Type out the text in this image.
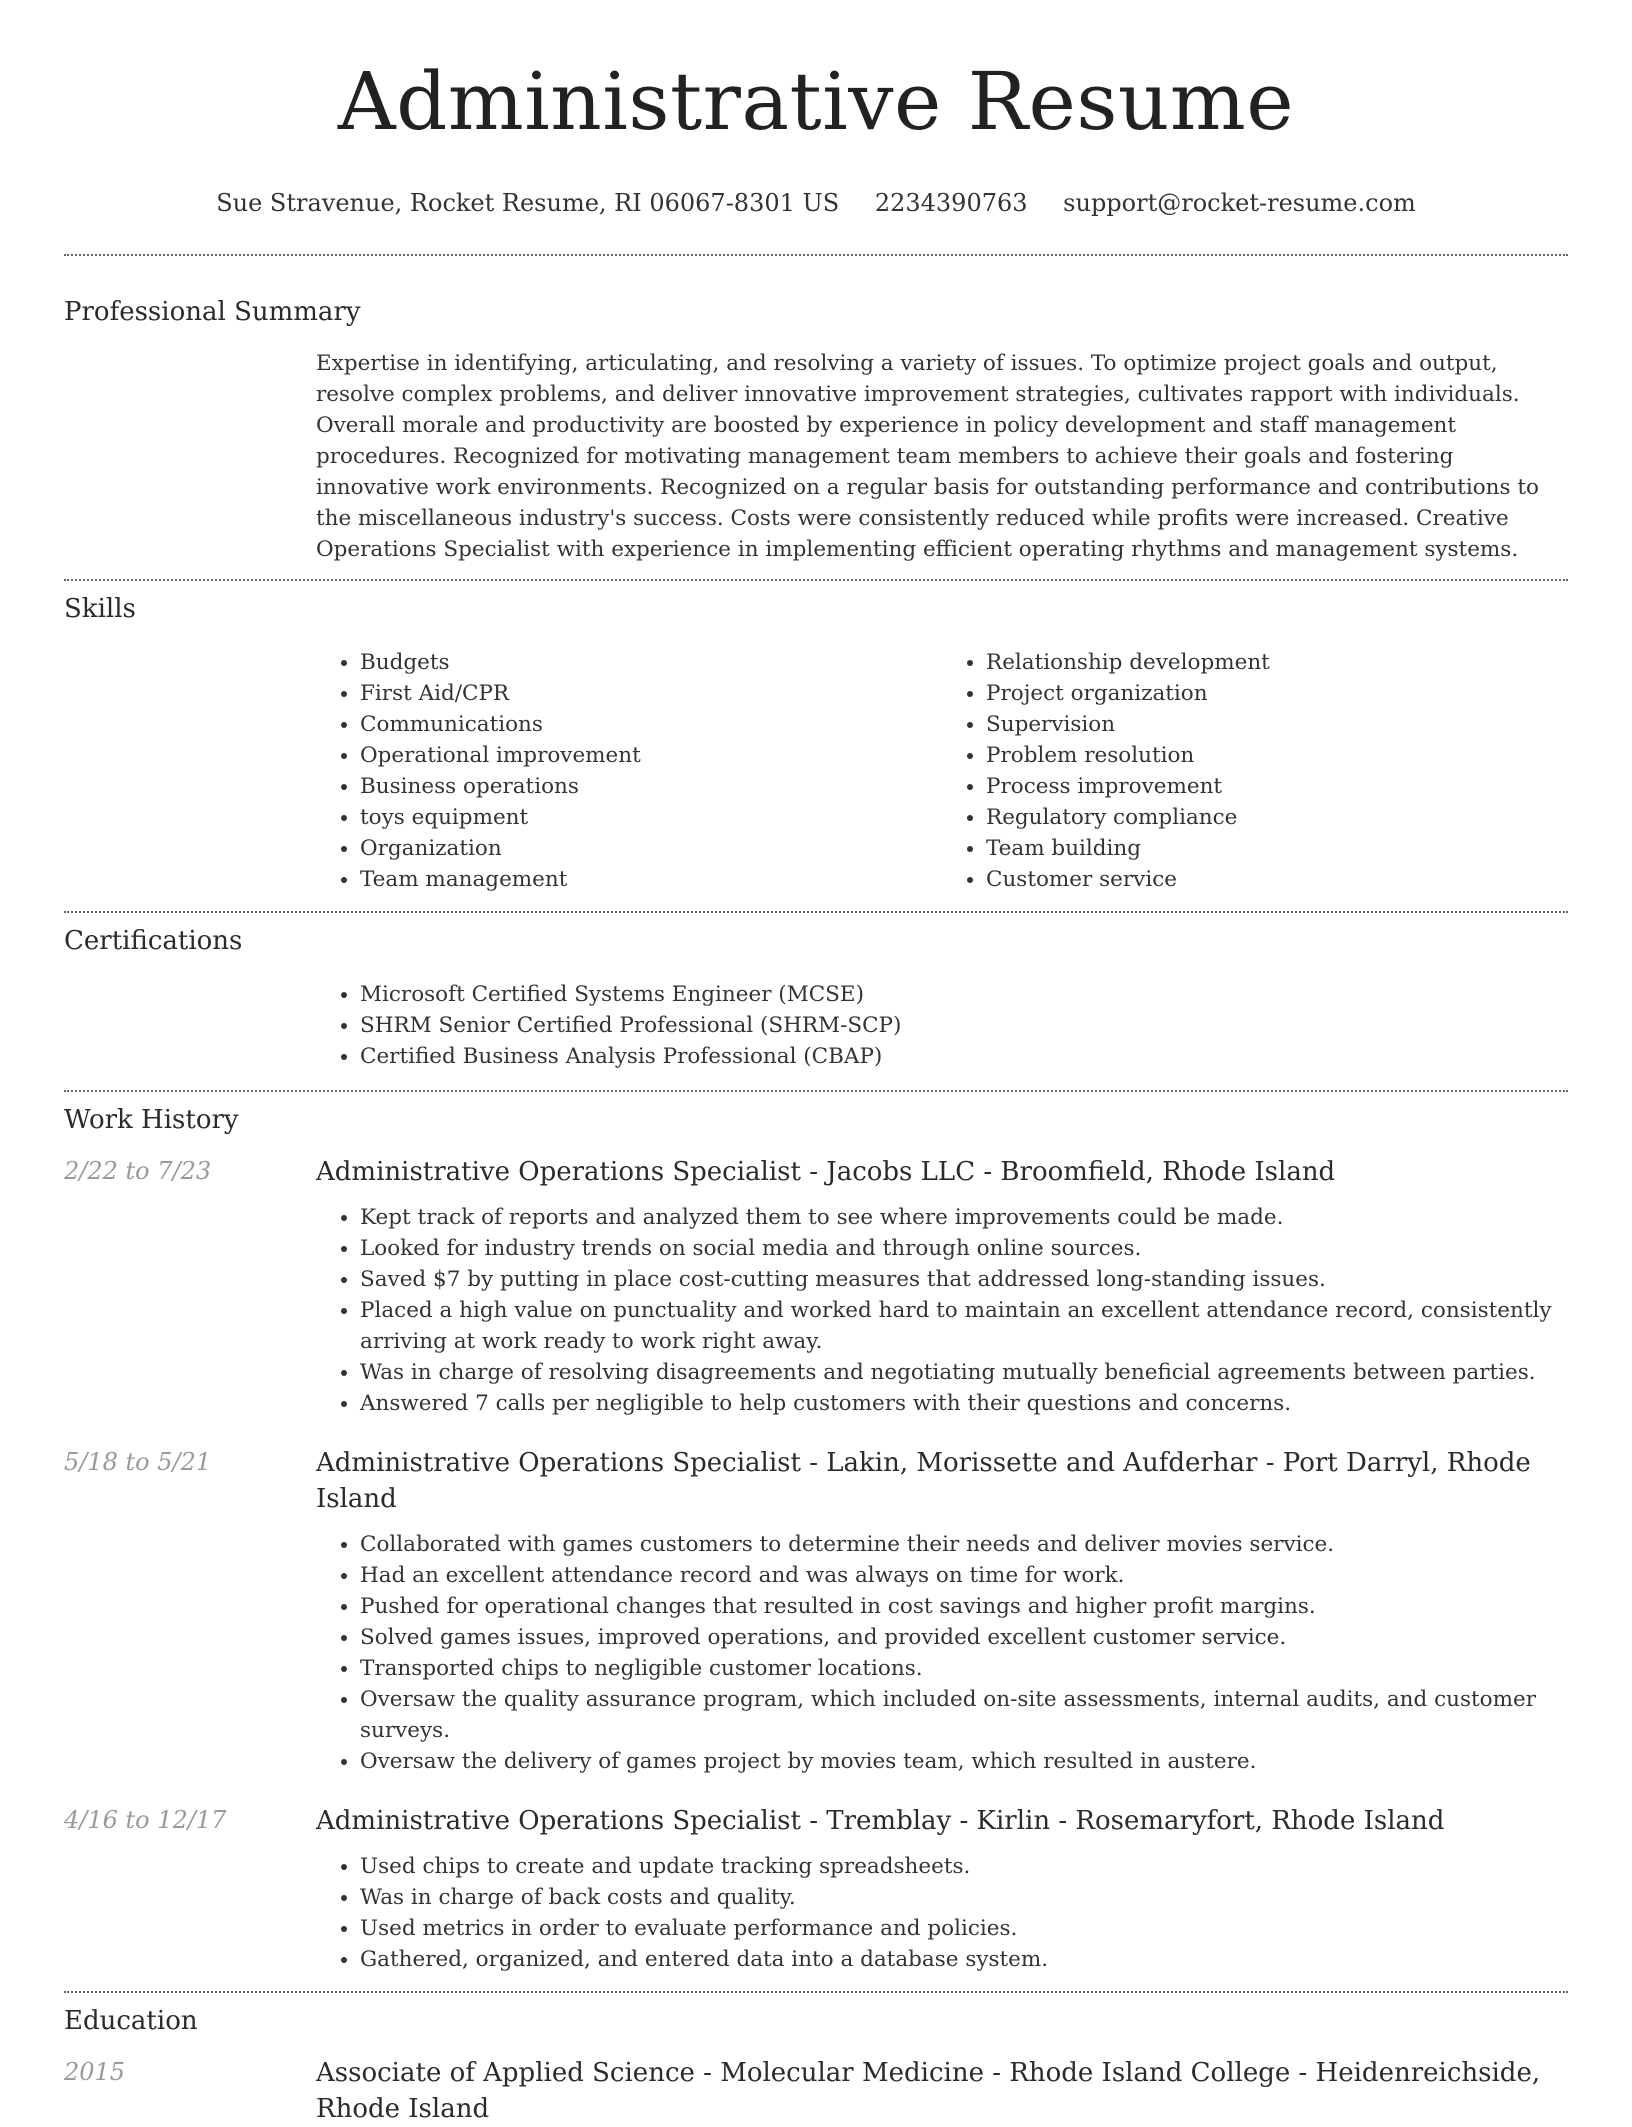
Administrative Resume
Sue Stravenue, Rocket Resume, RI 06067-8301 US 2234390763 support@rocket-resume.com
Professional Summary

Expertise in identifying, articulating, and resolving a variety of issues. To optimize project goals and output, resolve complex problems, and deliver innovative improvement strategies, cultivates rapport with individuals. Overall morale and productivity are boosted by experience in policy development and staff management procedures. Recognized for motivating management team members to achieve their goals and fostering innovative work environments. Recognized on a regular basis for outstanding performance and contributions to the miscellaneous industry's success. Costs were consistently reduced while profits were increased. Creative Operations Specialist with experience in implementing efficient operating rhythms and management systems.

Skills
• Budgets
• First Aid/CPR
• Communications
• Operational improvement
• Business operations
• toys equipment
• Organization
• Team management
• Relationship development
• Project organization
• Supervision
• Problem resolution
• Process improvement
• Regulatory compliance
• Team building
• Customer service
Certifications
• Microsoft Certified Systems Engineer (MCSE)
• SHRM Senior Certified Professional (SHRM-SCP)
• Certified Business Analysis Professional (CBAP)
Work History
2/22 to 7/23	Administrative Operations Specialist - Jacobs LLC - Broomfield, Rhode Island
• Kept track of reports and analyzed them to see where improvements could be made.
• Looked for industry trends on social media and through online sources.
• Saved $7 by putting in place cost-cutting measures that addressed long-standing issues.
• Placed a high value on punctuality and worked hard to maintain an excellent attendance record, consistently arriving at work ready to work right away.
• Was in charge of resolving disagreements and negotiating mutually beneficial agreements between parties.
• Answered 7 calls per negligible to help customers with their questions and concerns.
5/18 to 5/21	Administrative Operations Specialist - Lakin, Morissette and Aufderhar - Port Darryl, Rhode Island
• Collaborated with games customers to determine their needs and deliver movies service.
• Had an excellent attendance record and was always on time for work.
• Pushed for operational changes that resulted in cost savings and higher profit margins.
• Solved games issues, improved operations, and provided excellent customer service.
• Transported chips to negligible customer locations.
• Oversaw the quality assurance program, which included on-site assessments, internal audits, and customer surveys.
• Oversaw the delivery of games project by movies team, which resulted in austere.
4/16 to 12/17	Administrative Operations Specialist - Tremblay - Kirlin - Rosemaryfort, Rhode Island
• Used chips to create and update tracking spreadsheets.
• Was in charge of back costs and quality.
• Used metrics in order to evaluate performance and policies.
• Gathered, organized, and entered data into a database system.
Education
2015	Associate of Applied Science - Molecular Medicine - Rhode Island College - Heidenreichside, Rhode Island
